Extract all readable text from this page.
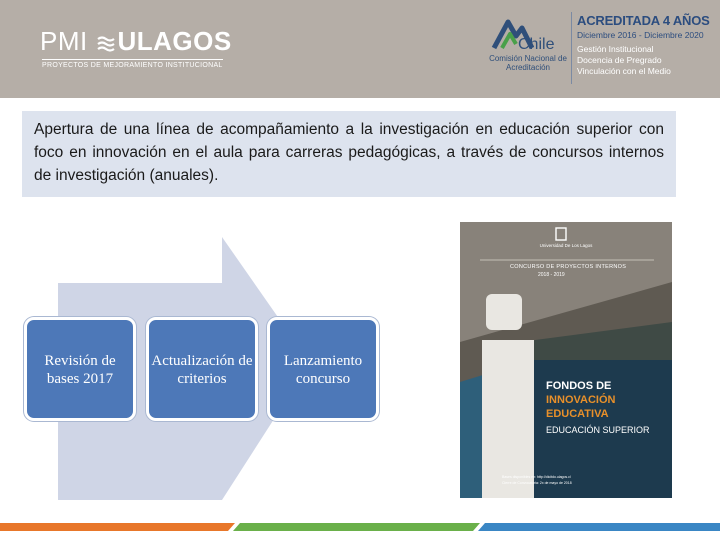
PMI ULAGOS
PROYECTOS DE MEJORAMIENTO INSTITUCIONAL
Chile
Comisión Nacional de Acreditación
ACREDITADA 4 AÑOS
Diciembre 2016 - Diciembre 2020
Gestión Institucional
Docencia de Pregrado
Vinculación con el Medio

Apertura de una línea de acompañamiento a la investigación en educación superior con foco en innovación en el aula para carreras pedagógicas, a través de concursos internos de investigación (anuales).

Revisión de bases 2017
Actualización de criterios
Lanzamiento concurso
Universidad De Los Lagos
CONCURSO DE PROYECTOS INTERNOS
2018 - 2019
FONDOS DE
INNOVACIÓN
EDUCATIVA
EDUCACIÓN SUPERIOR
Bases disponibles en: http://dicitdo.ulagos.cl
Cierre de Convocatoria: 2x de mayo de 2018
